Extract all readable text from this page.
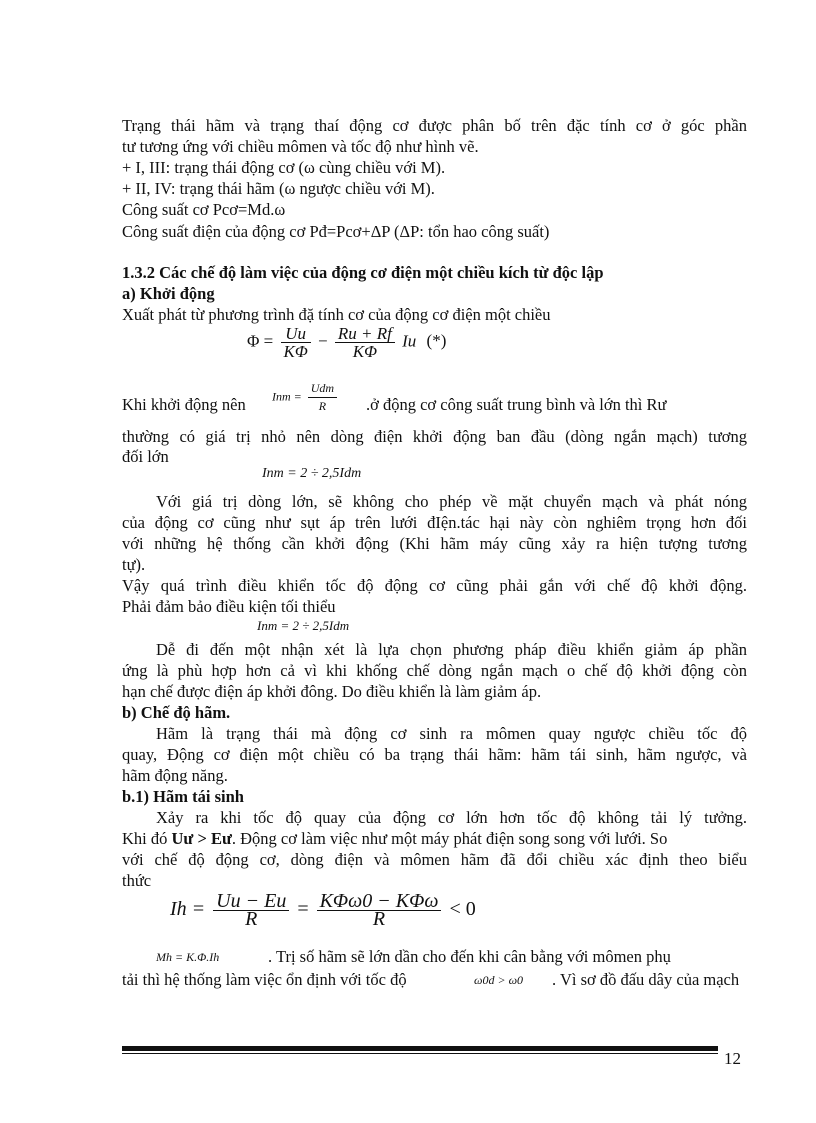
Trạng thái hãm và trạng thaí động cơ được phân bố trên đặc tính cơ ở góc phần
tư tương ứng với chiều mômen và tốc độ như hình vẽ.
+ I, III: trạng thái động cơ (ω cùng chiều với M).
+ II, IV: trạng thái hãm (ω ngược chiều với M).
Công suất cơ Pcơ=Md.ω
Công suất điện của động cơ Pđ=Pcơ+ΔP (ΔP: tổn hao công suất)
1.3.2 Các chế độ làm việc của động cơ điện một chiều kích từ độc lập
a) Khởi động
Xuất phát từ phương trình đặ tính cơ của động cơ điện một chiều
$\Phi = \frac{Uu}{K\Phi} - \frac{Ru + Rf}{K\Phi}$ Iu (*)
Khi khởi động nên Inm = $\frac{\text{Udm}}{R}$ .ở động cơ công suất trung bình và lớn thì Rư
thường có giá trị nhỏ nên dòng điện khởi động ban đầu (dòng ngắn mạch) tương
đối lớn
Inm = 2 ÷ 2,5Idm
Với giá trị dòng lớn, sẽ không cho phép về mặt chuyển mạch và phát nóng
của động cơ cũng như sụt áp trên lưới đIện.tác hại này còn nghiêm trọng hơn đối
với những hệ thống cần khởi động (Khi hãm máy cũng xảy ra hiện tượng tương
tự).
Vậy quá trình điều khiển tốc độ động cơ cũng phải gắn với chế độ khởi động.
Phải đảm bảo điều kiện tối thiểu
Inm = 2 ÷ 2,5Idm
Dễ đi đến một nhận xét là lựa chọn phương pháp điều khiển giảm áp phần
ứng là phù hợp hơn cả vì khi khống chế dòng ngắn mạch o chế độ khởi động còn
hạn chế được điện áp khởi đông. Do điều khiển là làm giảm áp.
b) Chế độ hãm.
Hãm là trạng thái mà động cơ sinh ra mômen quay ngược chiều tốc độ
quay, Động cơ điện một chiều có ba trạng thái hãm: hãm tái sinh, hãm ngược, và
hãm động năng.
b.1) Hãm tái sinh
Xảy ra khi tốc độ quay của động cơ lớn hơn tốc độ không tải lý tưởng.
Khi đó Uư > Eư. Động cơ làm việc như một máy phát điện song song với lưới. So
với chế độ động cơ, dòng điện và mômen hãm đã đổi chiều xác định theo biểu
thức
$Ih = \frac{Uu - Eu}{R} = \frac{\text{KΦω0 − KΦω}}{R} < 0$
Mh = K.Φ.Ih	. Trị số hãm sẽ lớn dần cho đến khi cân bằng với mômen phụ
tải thì hệ thống làm việc ổn định với tốc độ	ω0d > ω0 . Vì sơ đồ đấu dây của mạch
12
